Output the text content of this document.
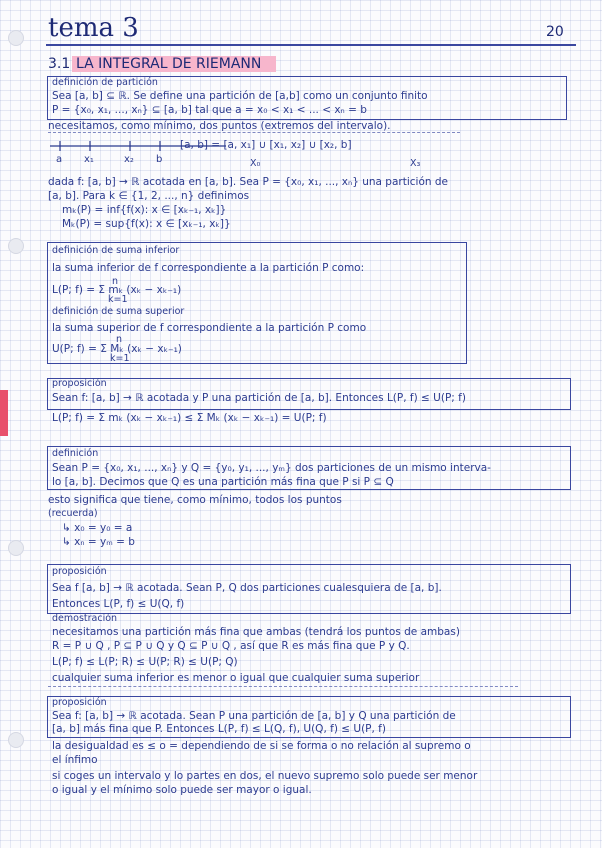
tema 3	20
3.1 LA INTEGRAL DE RIEMANN
definición de partición
Sea [a, b] ⊆ ℝ. Se define una partición de [a,b] como un conjunto finito
P = {x₀, x₁, ..., xₙ} ⊆ [a, b] tal que a = x₀ < x₁ < ... < xₙ = b
necesitamos, como mínimo, dos puntos (extremos del intervalo).
a x₁	x₂ b
[a, b] = [a, x₁] ∪ [x₁, x₂] ∪ [x₂, b]
X₀	X₃
dada f: [a, b] → ℝ acotada en [a, b]. Sea P = {x₀, x₁, ..., xₙ} una partición de
[a, b]. Para k ∈ {1, 2, ..., n} definimos
mₖ(P) = inf{f(x): x ∈ [xₖ₋₁, xₖ]}
Mₖ(P) = sup{f(x): x ∈ [xₖ₋₁, xₖ]}
definición de suma inferior
la suma inferior de f correspondiente a la partición P como:
n
L(P; f) = Σ mₖ (xₖ − xₖ₋₁)
k=1
definición de suma superior
la suma superior de f correspondiente a la partición P como
n
U(P; f) = Σ Mₖ (xₖ − xₖ₋₁)
k=1
proposición
Sean f: [a, b] → ℝ acotada y P una partición de [a, b]. Entonces L(P, f) ≤ U(P; f)
L(P; f) = Σ mₖ (xₖ − xₖ₋₁) ≤ Σ Mₖ (xₖ − xₖ₋₁) = U(P; f)
definición
Sean P = {x₀, x₁, ..., xₙ} y Q = {y₀, y₁, ..., yₘ} dos particiones de un mismo interva-
lo [a, b]. Decimos que Q es una partición más fina que P si P ⊆ Q
esto significa que tiene, como mínimo, todos los puntos
(recuerda)
↳ x₀ = y₀ = a
↳ xₙ = yₘ = b
proposición
Sea f [a, b] → ℝ acotada. Sean P, Q dos particiones cualesquiera de [a, b].
Entonces L(P, f) ≤ U(Q, f)
demostración
necesitamos una partición más fina que ambas (tendrá los puntos de ambas)
R = P ∪ Q , P ⊆ P ∪ Q y Q ⊆ P ∪ Q , así que R es más fina que P y Q.
L(P; f) ≤ L(P; R) ≤ U(P; R) ≤ U(P; Q)
cualquier suma inferior es menor o igual que cualquier suma superior
proposición
Sea f: [a, b] → ℝ acotada. Sean P una partición de [a, b] y Q una partición de
[a, b] más fina que P. Entonces L(P, f) ≤ L(Q, f), U(Q, f) ≤ U(P, f)
la desigualdad es ≤ o = dependiendo de si se forma o no relación al supremo o
el ínfimo
si coges un intervalo y lo partes en dos, el nuevo supremo solo puede ser menor
o igual y el mínimo solo puede ser mayor o igual.
